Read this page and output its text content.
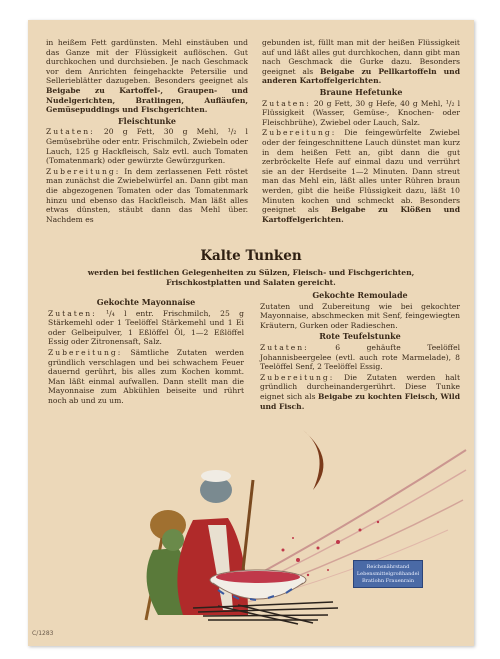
in heißem Fett gardünsten. Mehl einstäuben und das Ganze mit der Flüssigkeit auflöschen. Gut durchkochen und durchsieben. Je nach Geschmack vor dem Anrichten feingehackte Petersilie und Sellerieblätter dazugeben. Besonders geeignet als Beigabe zu Kartoffel-, Graupen- und Nudelgerichten, Bratlingen, Aufläufen, Gemüsepuddings und Fischgerichten.

Fleischtunke

Zutaten: 20 g Fett, 30 g Mehl, ¹/₂ l Gemüsebrühe oder entr. Frischmilch, Zwiebeln oder Lauch, 125 g Hackfleisch, Salz evtl. auch Tomaten (Tomatenmark) oder gewürzte Gewürzgurken.

Zubereitung: In dem zerlassenen Fett röstet man zunächst die Zwiebelwürfel an. Dann gibt man die abgezogenen Tomaten oder das Tomatenmark hinzu und ebenso das Hackfleisch. Man läßt alles etwas dünsten, stäubt dann das Mehl über. Nachdem es

gebunden ist, füllt man mit der heißen Flüssigkeit auf und läßt alles gut durchkochen, dann gibt man nach Geschmack die Gurke dazu. Besonders geeignet als Beigabe zu Pellkartoffeln und anderen Kartoffelgerichten.

Braune Hefetunke

Zutaten: 20 g Fett, 30 g Hefe, 40 g Mehl, ¹/₂ l Flüssigkeit (Wasser, Gemüse-, Knochen- oder Fleischbrühe), Zwiebel oder Lauch, Salz.

Zubereitung: Die feingewürfelte Zwiebel oder der feingeschnittene Lauch dünstet man kurz in dem heißen Fett an, gibt dann die gut zerbröckelte Hefe auf einmal dazu und verrührt sie an der Herdseite 1—2 Minuten. Dann streut man das Mehl ein, läßt alles unter Rühren braun werden, gibt die heiße Flüssigkeit dazu, läßt 10 Minuten kochen und schmeckt ab. Besonders geeignet als Beigabe zu Klößen und Kartoffelgerichten.

Kalte Tunken
werden bei festlichen Gelegenheiten zu Sülzen, Fleisch- und Fischgerichten, Frischkostplatten und Salaten gereicht.
Gekochte Mayonnaise

Zutaten: ¹/₄ l entr. Frischmilch, 25 g Stärkemehl oder 1 Teelöffel Stärkemehl und 1 Ei oder Gelbeipulver, 1 Eßlöffel Öl, 1—2 Eßlöffel Essig oder Zitronensaft, Salz.

Zubereitung: Sämtliche Zutaten werden gründlich verschlagen und bei schwachem Feuer dauernd gerührt, bis alles zum Kochen kommt. Man läßt einmal aufwallen. Dann stellt man die Mayonnaise zum Abkühlen beiseite und rührt noch ab und zu um.

Gekochte Remoulade

Zutaten und Zubereitung wie bei gekochter Mayonnaise, abschmecken mit Senf, feingewiegten Kräutern, Gurken oder Radieschen.

Rote Teufelstunke

Zutaten:	6 gehäufte Teelöffel Johannisbeergelee (evtl. auch rote Marmelade), 8 Teelöffel Senf, 2 Teelöffel Essig.

Zubereitung: Die Zutaten werden halt gründlich durcheinandergerührt. Diese Tunke eignet sich als Beigabe zu kochten Fleisch, Wild und Fisch.

Reichsnährstand
Lebensmittelgroßhandel
Bratlohn Frauenrain
C/1283
